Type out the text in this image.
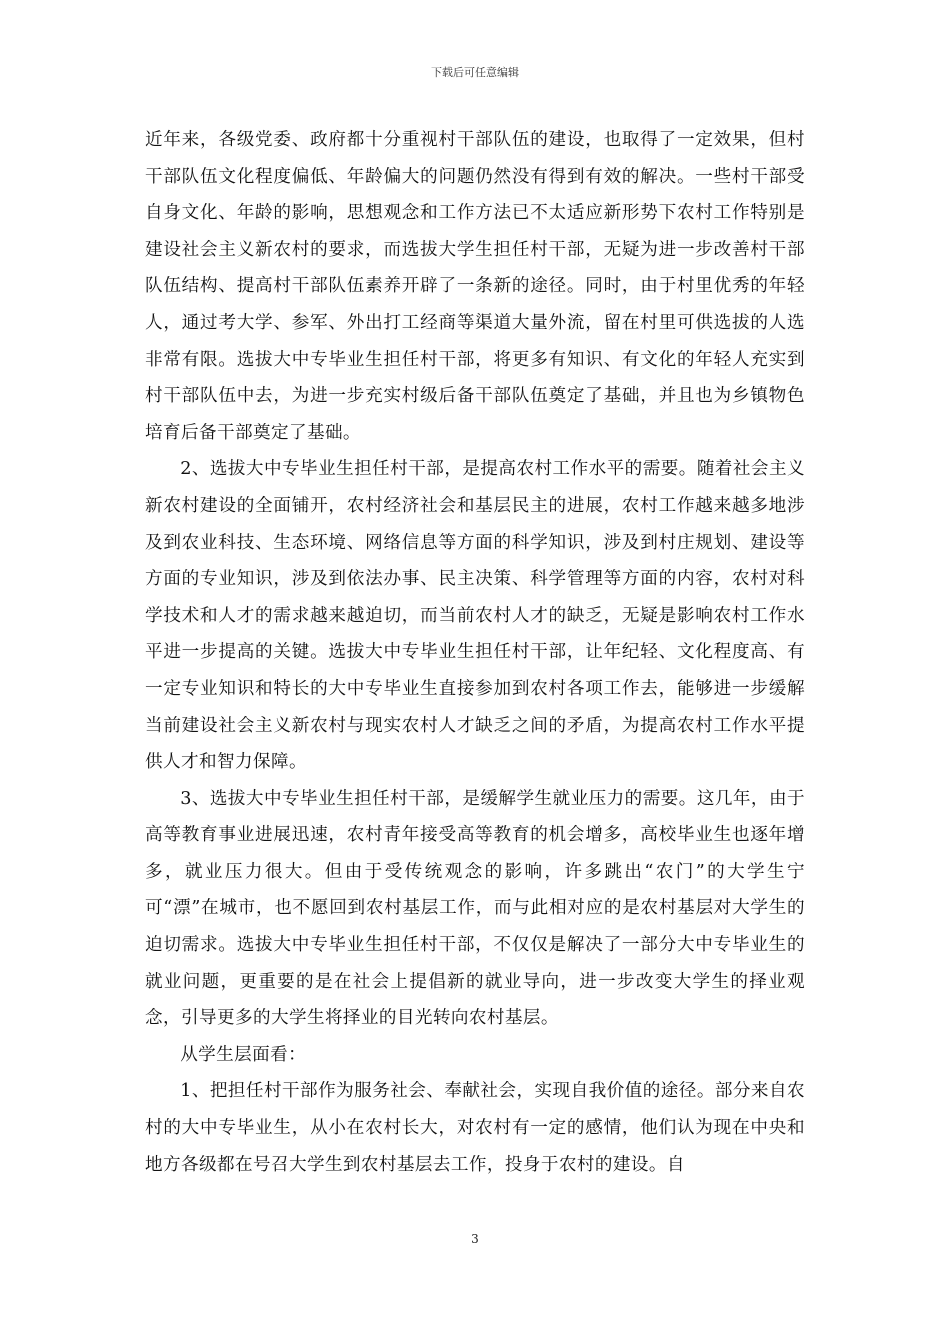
下载后可任意编辑

近年来，各级党委、政府都十分重视村干部队伍的建设，也取得了一定效果，但村干部队伍文化程度偏低、年龄偏大的问题仍然没有得到有效的解决。一些村干部受自身文化、年龄的影响，思想观念和工作方法已不太适应新形势下农村工作特别是建设社会主义新农村的要求，而选拔大学生担任村干部，无疑为进一步改善村干部队伍结构、提高村干部队伍素养开辟了一条新的途径。同时，由于村里优秀的年轻人，通过考大学、参军、外出打工经商等渠道大量外流，留在村里可供选拔的人选非常有限。选拔大中专毕业生担任村干部，将更多有知识、有文化的年轻人充实到村干部队伍中去，为进一步充实村级后备干部队伍奠定了基础，并且也为乡镇物色培育后备干部奠定了基础。

2、选拔大中专毕业生担任村干部，是提高农村工作水平的需要。随着社会主义新农村建设的全面铺开，农村经济社会和基层民主的进展，农村工作越来越多地涉及到农业科技、生态环境、网络信息等方面的科学知识，涉及到村庄规划、建设等方面的专业知识，涉及到依法办事、民主决策、科学管理等方面的内容，农村对科学技术和人才的需求越来越迫切，而当前农村人才的缺乏，无疑是影响农村工作水平进一步提高的关键。选拔大中专毕业生担任村干部，让年纪轻、文化程度高、有一定专业知识和特长的大中专毕业生直接参加到农村各项工作去，能够进一步缓解当前建设社会主义新农村与现实农村人才缺乏之间的矛盾，为提高农村工作水平提供人才和智力保障。

3、选拔大中专毕业生担任村干部，是缓解学生就业压力的需要。这几年，由于高等教育事业进展迅速，农村青年接受高等教育的机会增多，高校毕业生也逐年增多，就业压力很大。但由于受传统观念的影响，许多跳出“农门”的大学生宁可“漂”在城市，也不愿回到农村基层工作，而与此相对应的是农村基层对大学生的迫切需求。选拔大中专毕业生担任村干部，不仅仅是解决了一部分大中专毕业生的就业问题，更重要的是在社会上提倡新的就业导向，进一步改变大学生的择业观念，引导更多的大学生将择业的目光转向农村基层。

从学生层面看：

1、把担任村干部作为服务社会、奉献社会，实现自我价值的途径。部分来自农村的大中专毕业生，从小在农村长大，对农村有一定的感情，他们认为现在中央和地方各级都在号召大学生到农村基层去工作，投身于农村的建设。自

3
